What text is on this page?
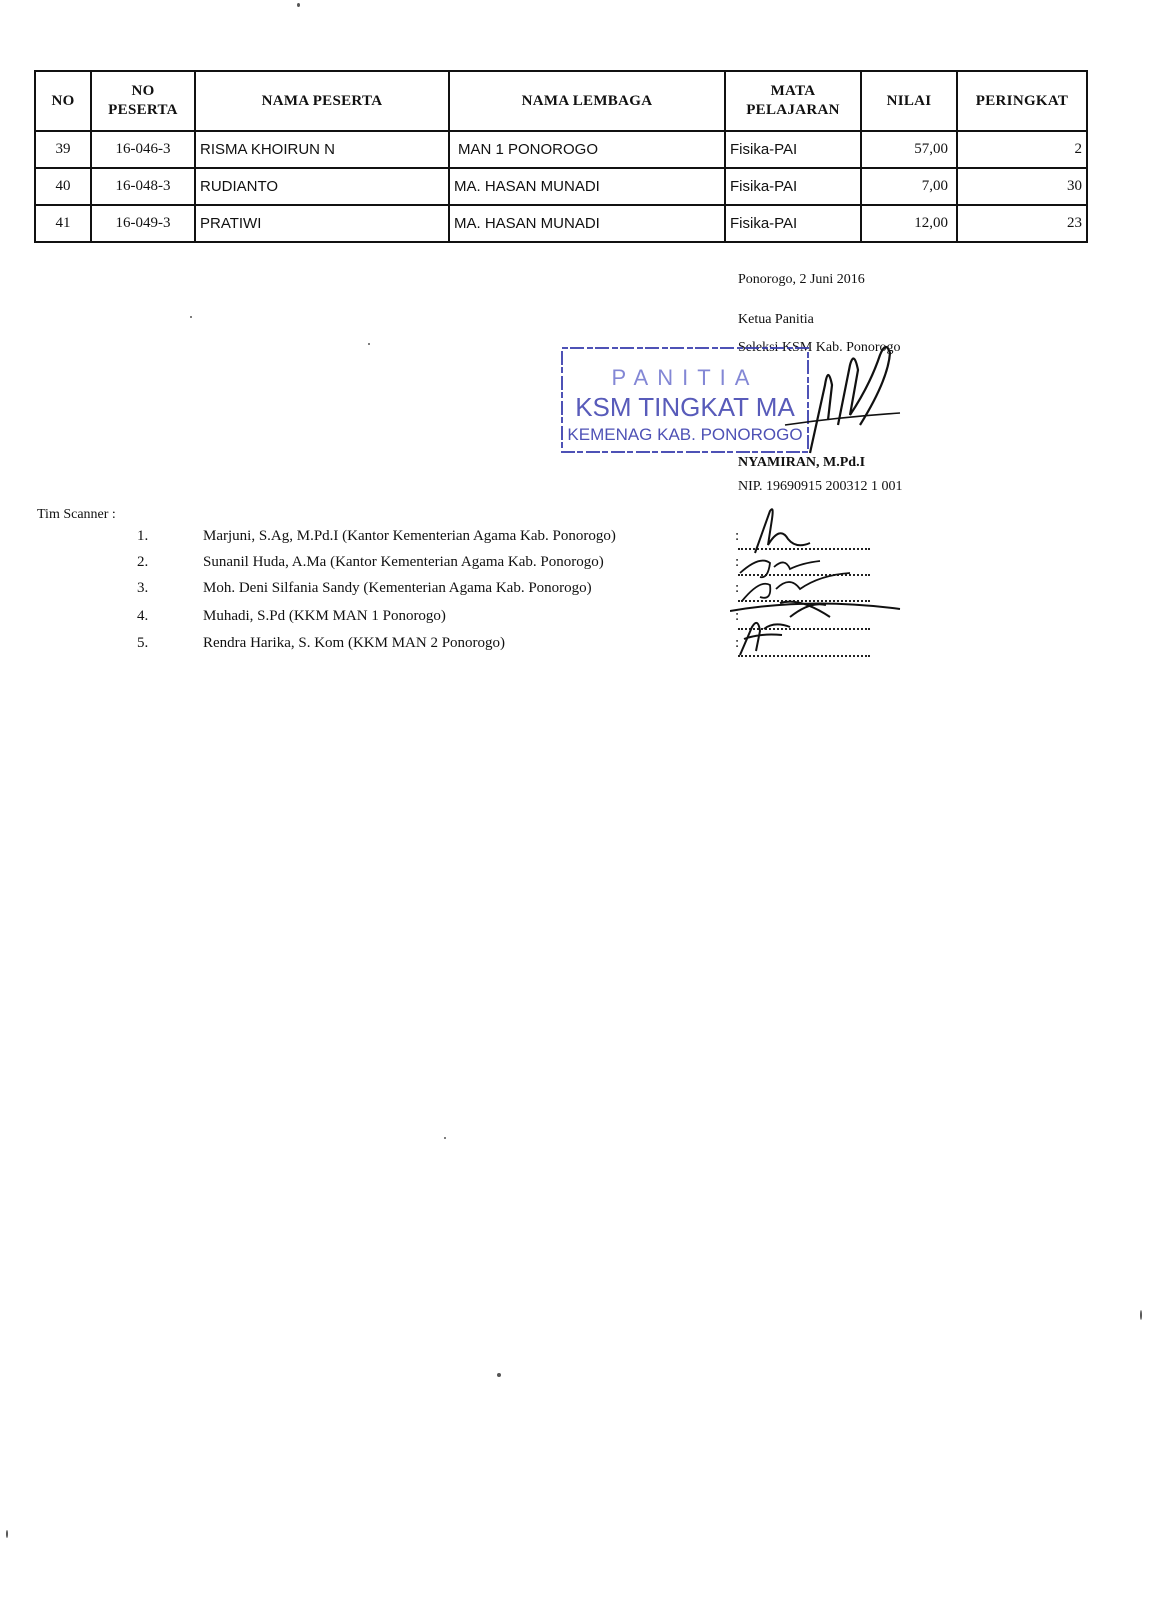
NO	NO PESERTA	NAMA PESERTA	NAMA LEMBAGA	MATA PELAJARAN	NILAI	PERINGKAT
39	16-046-3	RISMA KHOIRUN N	MAN 1 PONOROGO	Fisika-PAI	57,00	2
40	16-048-3	RUDIANTO	MA. HASAN MUNADI	Fisika-PAI	7,00	30
41	16-049-3	PRATIWI	MA. HASAN MUNADI	Fisika-PAI	12,00	23
Ponorogo, 2 Juni 2016
Ketua Panitia
Seleksi KSM Kab. Ponorogo
NYAMIRAN, M.Pd.I
NIP. 19690915 200312 1 001
PANITIA
KSM TINGKAT MA
KEMENAG KAB. PONOROGO
Tim Scanner :
1.	Marjuni, S.Ag, M.Pd.I (Kantor Kementerian Agama Kab. Ponorogo)	:
2.	Sunanil Huda, A.Ma (Kantor Kementerian Agama Kab. Ponorogo)	:
3.	Moh. Deni Silfania Sandy (Kementerian Agama Kab. Ponorogo)	:
4.	Muhadi, S.Pd (KKM MAN 1 Ponorogo)	:
5.	Rendra Harika, S. Kom (KKM MAN 2 Ponorogo)	:
